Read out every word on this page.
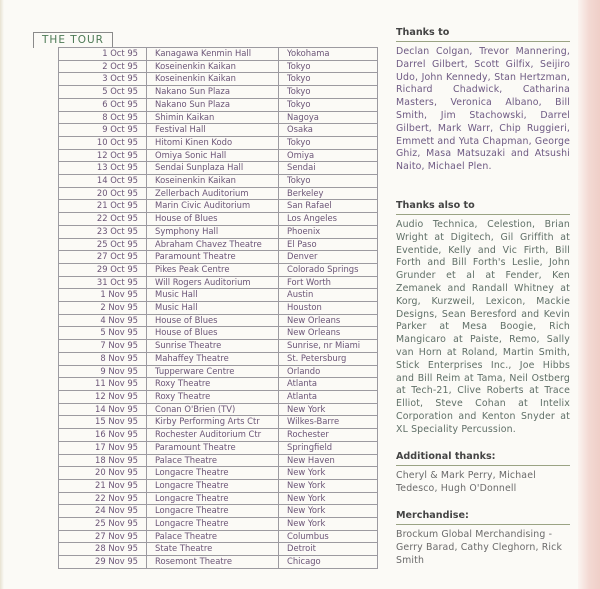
THE TOUR
1 Oct 95	Kanagawa Kenmin Hall	Yokohama
2 Oct 95	Koseinenkin Kaikan	Tokyo
3 Oct 95	Koseinenkin Kaikan	Tokyo
5 Oct 95	Nakano Sun Plaza	Tokyo
6 Oct 95	Nakano Sun Plaza	Tokyo
8 Oct 95	Shimin Kaikan	Nagoya
9 Oct 95	Festival Hall	Osaka
10 Oct 95	Hitomi Kinen Kodo	Tokyo
12 Oct 95	Omiya Sonic Hall	Omiya
13 Oct 95	Sendai Sunplaza Hall	Sendai
14 Oct 95	Koseinenkin Kaikan	Tokyo
20 Oct 95	Zellerbach Auditorium	Berkeley
21 Oct 95	Marin Civic Auditorium	San Rafael
22 Oct 95	House of Blues	Los Angeles
23 Oct 95	Symphony Hall	Phoenix
25 Oct 95	Abraham Chavez Theatre	El Paso
27 Oct 95	Paramount Theatre	Denver
29 Oct 95	Pikes Peak Centre	Colorado Springs
31 Oct 95	Will Rogers Auditorium	Fort Worth
1 Nov 95	Music Hall	Austin
2 Nov 95	Music Hall	Houston
4 Nov 95	House of Blues	New Orleans
5 Nov 95	House of Blues	New Orleans
7 Nov 95	Sunrise Theatre	Sunrise, nr Miami
8 Nov 95	Mahaffey Theatre	St. Petersburg
9 Nov 95	Tupperware Centre	Orlando
11 Nov 95	Roxy Theatre	Atlanta
12 Nov 95	Roxy Theatre	Atlanta
14 Nov 95	Conan O'Brien (TV)	New York
15 Nov 95	Kirby Performing Arts Ctr	Wilkes-Barre
16 Nov 95	Rochester Auditorium Ctr	Rochester
17 Nov 95	Paramount Theatre	Springfield
18 Nov 95	Palace Theatre	New Haven
20 Nov 95	Longacre Theatre	New York
21 Nov 95	Longacre Theatre	New York
22 Nov 95	Longacre Theatre	New York
24 Nov 95	Longacre Theatre	New York
25 Nov 95	Longacre Theatre	New York
27 Nov 95	Palace Theatre	Columbus
28 Nov 95	State Theatre	Detroit
29 Nov 95	Rosemont Theatre	Chicago
Thanks to

Declan Colgan, Trevor Mannering, Darrel Gilbert, Scott Gilfix, Seijiro Udo, John Kennedy, Stan Hertzman, Richard Chadwick, Catharina Masters, Veronica Albano, Bill Smith, Jim Stachowski, Darrel Gilbert, Mark Warr, Chip Ruggieri, Emmett and Yuta Chapman, George Ghiz, Masa Matsuzaki and Atsushi Naito, Michael Plen.

Thanks also to

Audio Technica, Celestion, Brian Wright at Digitech, Gil Griffith at Eventide, Kelly and Vic Firth, Bill Forth and Bill Forth's Leslie, John Grunder et al at Fender, Ken Zemanek and Randall Whitney at Korg, Kurzweil, Lexicon, Mackie Designs, Sean Beresford and Kevin Parker at Mesa Boogie, Rich Mangicaro at Paiste, Remo, Sally van Horn at Roland, Martin Smith, Stick Enterprises Inc., Joe Hibbs and Bill Reim at Tama, Neil Ostberg at Tech-21, Clive Roberts at Trace Elliot, Steve Cohan at Intelix Corporation and Kenton Snyder at XL Speciality Percussion.

Additional thanks:

Cheryl & Mark Perry, Michael Tedesco, Hugh O'Donnell

Merchandise:

Brockum Global Merchandising - Gerry Barad, Cathy Cleghorn, Rick Smith
